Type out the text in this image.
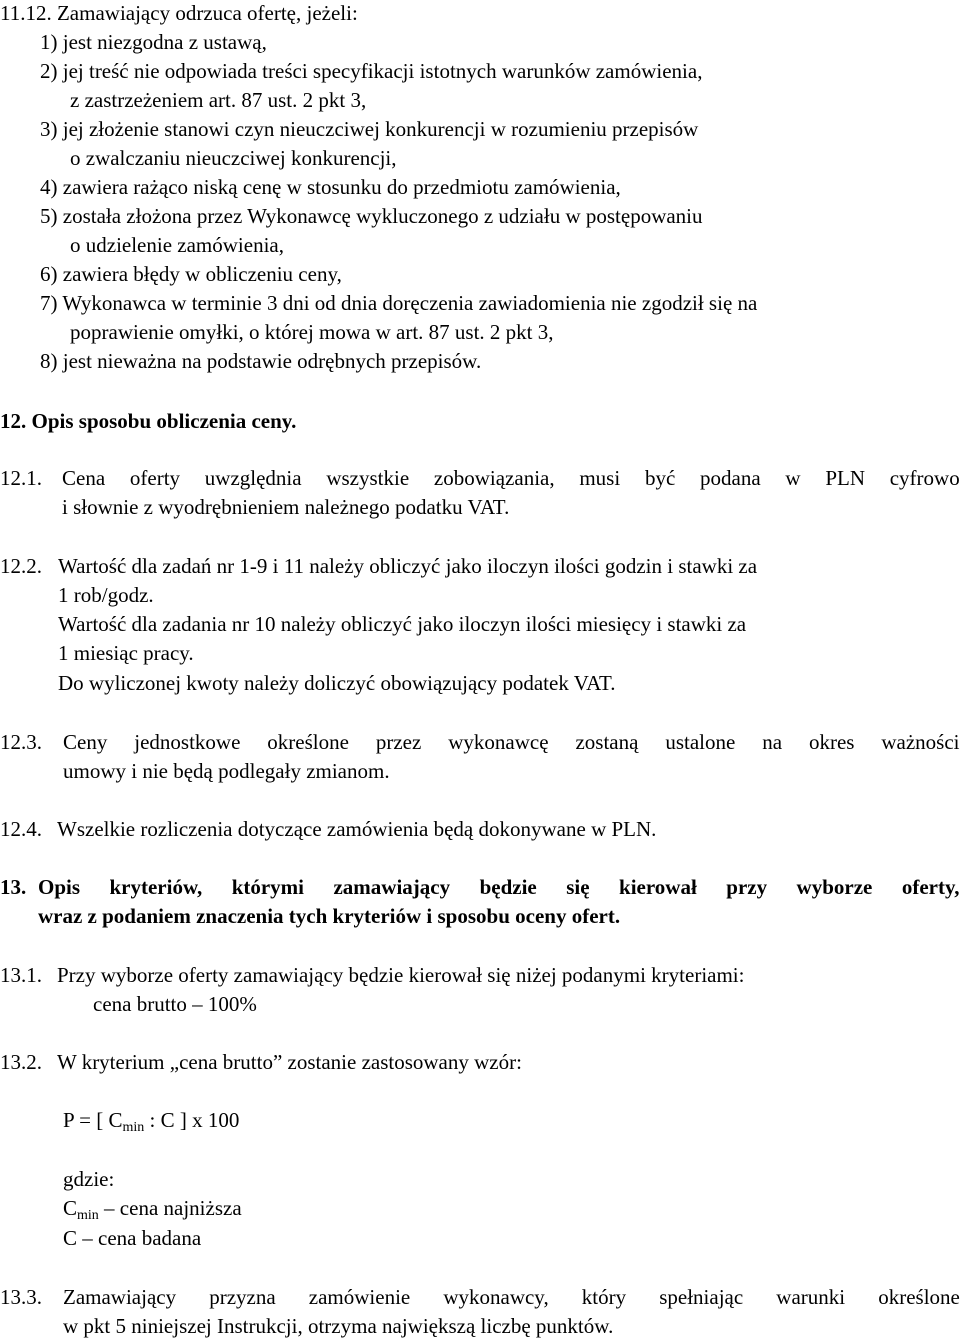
11.12. Zamawiający odrzuca ofertę, jeżeli:
1) jest niezgodna z ustawą,
2) jej treść nie odpowiada treści specyfikacji istotnych warunków zamówienia,
z zastrzeżeniem art. 87 ust. 2 pkt 3,
3) jej złożenie stanowi czyn nieuczciwej konkurencji w rozumieniu przepisów
o zwalczaniu nieuczciwej konkurencji,
4) zawiera rażąco niską cenę w stosunku do przedmiotu zamówienia,
5) została złożona przez Wykonawcę wykluczonego z udziału w postępowaniu
o udzielenie zamówienia,
6) zawiera błędy w obliczeniu ceny,
7) Wykonawca w terminie 3 dni od dnia doręczenia zawiadomienia nie zgodził się na
poprawienie omyłki, o której mowa w art. 87 ust. 2 pkt 3,
8) jest nieważna na podstawie odrębnych przepisów.
12. Opis sposobu obliczenia ceny.
12.1. Cena oferty uwzględnia wszystkie zobowiązania, musi być podana w PLN cyfrowo
i słownie z wyodrębnieniem należnego podatku VAT.
12.2. Wartość dla zadań nr 1-9 i 11 należy obliczyć jako iloczyn ilości godzin i stawki za
1 rob/godz.
Wartość dla zadania nr 10 należy obliczyć jako iloczyn ilości miesięcy i stawki za
1 miesiąc pracy.
Do wyliczonej kwoty należy doliczyć obowiązujący podatek VAT.
12.3. Ceny jednostkowe określone przez wykonawcę zostaną ustalone na okres ważności
umowy i nie będą podlegały zmianom.
12.4. Wszelkie rozliczenia dotyczące zamówienia będą dokonywane w PLN.
13. Opis kryteriów, którymi zamawiający będzie się kierował przy wyborze oferty,
wraz z podaniem znaczenia tych kryteriów i sposobu oceny ofert.
13.1. Przy wyborze oferty zamawiający będzie kierował się niżej podanymi kryteriami:
cena brutto – 100%
13.2. W kryterium „cena brutto” zostanie zastosowany wzór:
P = [ $C_{min}$ : C ] x 100
gdzie:
$C_{min}$ – cena najniższa
C – cena badana
13.3. Zamawiający przyzna zamówienie wykonawcy, który spełniając warunki określone
w pkt 5 niniejszej Instrukcji, otrzyma największą liczbę punktów.
